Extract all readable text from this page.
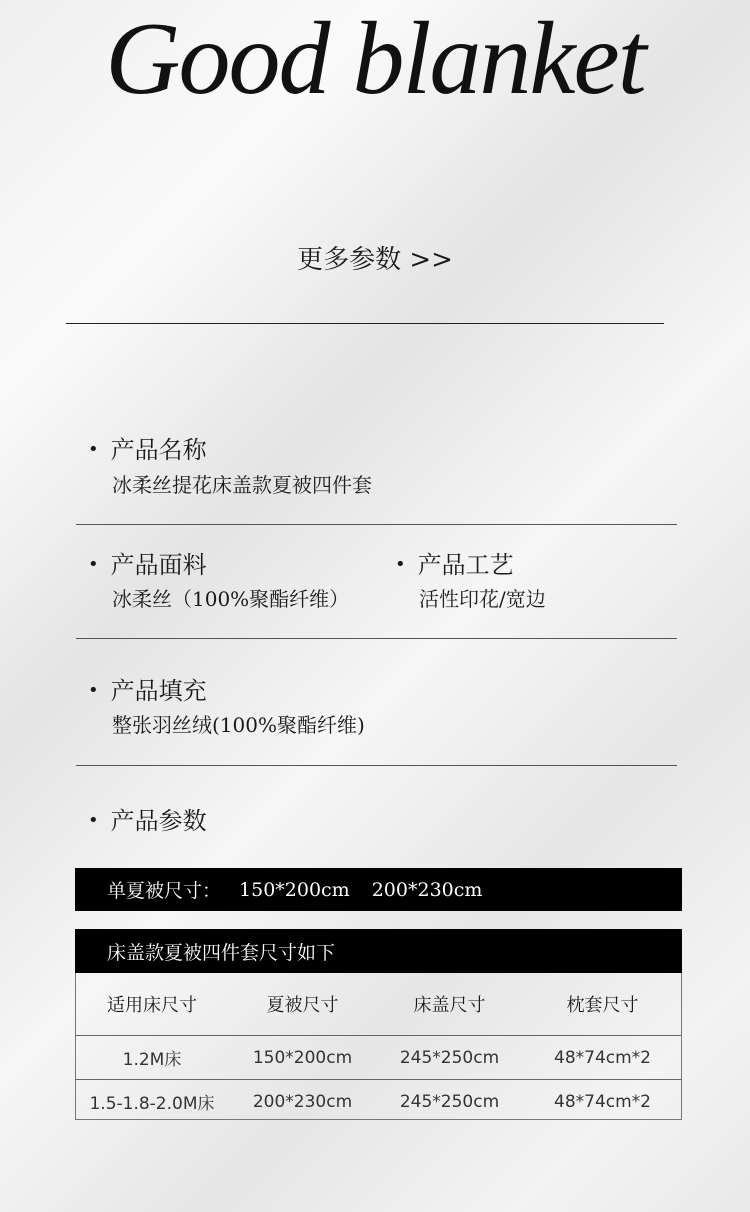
Good blanket
更多参数 >>
• 产品名称
冰柔丝提花床盖款夏被四件套
• 产品面料
冰柔丝（100%聚酯纤维）
• 产品工艺
活性印花/宽边
• 产品填充
整张羽丝绒(100%聚酯纤维)
• 产品参数
单夏被尺寸： 150*200cm 200*230cm
床盖款夏被四件套尺寸如下
适用床尺寸	夏被尺寸	床盖尺寸	枕套尺寸
1.2M床	150*200cm	245*250cm	48*74cm*2
1.5-1.8-2.0M床	200*230cm	245*250cm	48*74cm*2
